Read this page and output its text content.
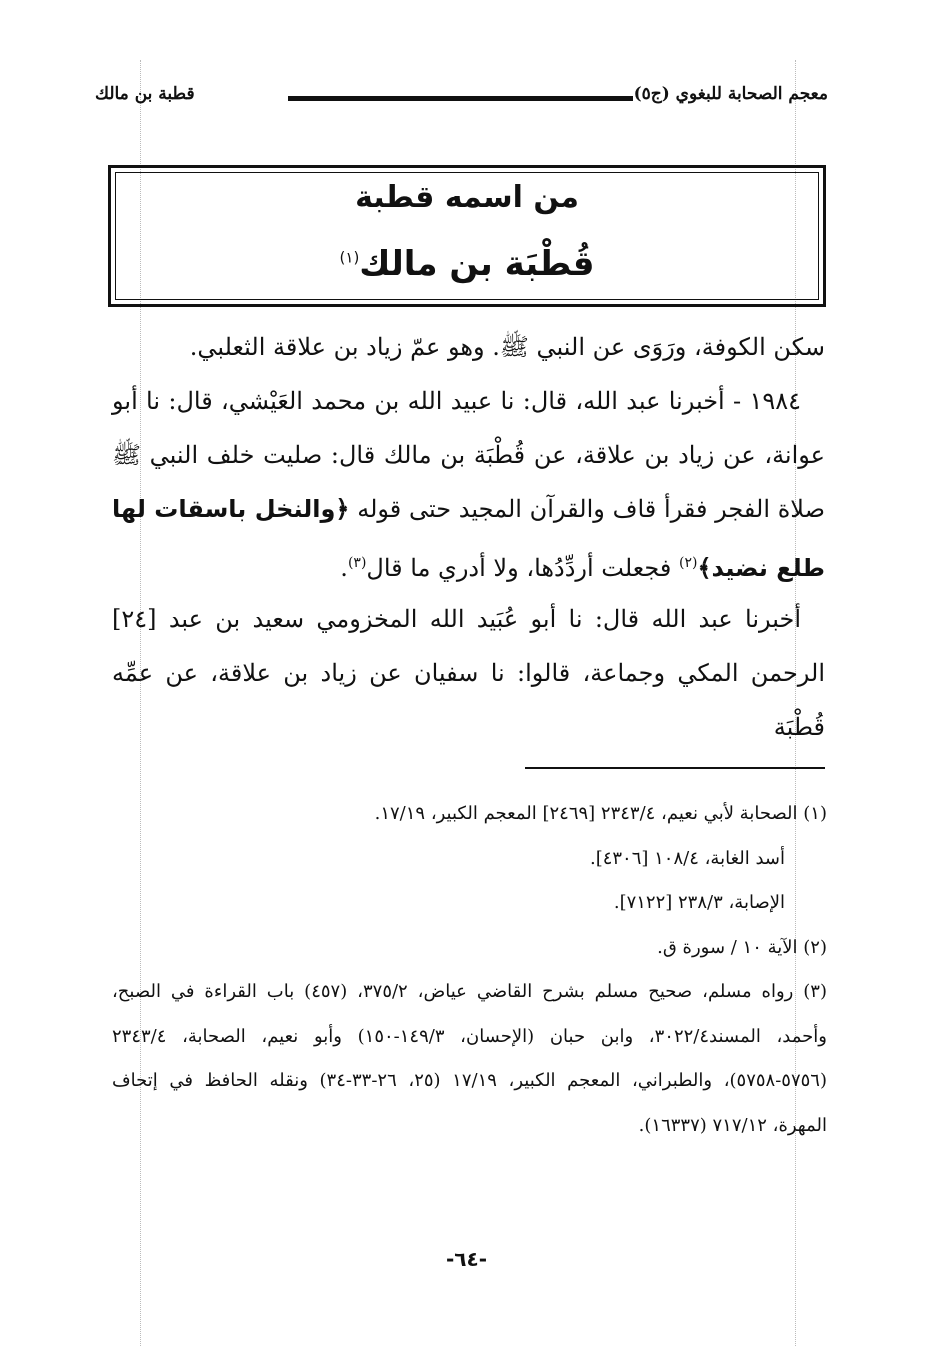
معجم الصحابة للبغوي (ج٥)
قطبة بن مالك
من اسمه قطبة
قُطْبَة بن مالك$^{(١)}$

سكن الكوفة، ورَوَى عن النبي ﷺ. وهو عمّ زياد بن علاقة الثعلبي.

١٩٨٤ - أخبرنا عبد الله، قال: نا عبيد الله بن محمد العَيْشي، قال: نا أبو عوانة، عن زياد بن علاقة، عن قُطْبَة بن مالك قال: صليت خلف النبي ﷺ صلاة الفجر فقرأ قاف والقرآن المجيد حتى قوله ﴿والنخل باسقات لها طلع نضيد﴾$^{(٢)}$ فجعلت أردِّدُها، ولا أدري ما قال$^{(٣)}$.

أخبرنا عبد الله قال: نا أبو عُبَيد الله المخزومي سعيد بن عبد [٢٤] الرحمن المكي وجماعة، قالوا: نا سفيان عن زياد بن علاقة، عن عمِّه قُطْبَة

(١) الصحابة لأبي نعيم، ٢٣٤٣/٤ [٢٤٦٩] المعجم الكبير، ١٧/١٩.

أسد الغابة، ١٠٨/٤ [٤٣٠٦].

الإصابة، ٢٣٨/٣ [٧١٢٢].

(٢) الآية ١٠ / سورة ق.

(٣) رواه مسلم، صحيح مسلم بشرح القاضي عياض، ٣٧٥/٢، (٤٥٧) باب القراءة في الصبح، وأحمد، المسند٣٠٢٢/٤، وابن حبان (الإحسان، ١٤٩/٣-١٥٠) وأبو نعيم، الصحابة، ٢٣٤٣/٤ (٥٧٥٦-٥٧٥٨)، والطبراني، المعجم الكبير، ١٧/١٩ (٢٥، ٢٦-٣٣-٣٤) ونقله الحافظ في إتحاف المهرة، ٧١٧/١٢ (١٦٣٣٧).

-٦٤-
